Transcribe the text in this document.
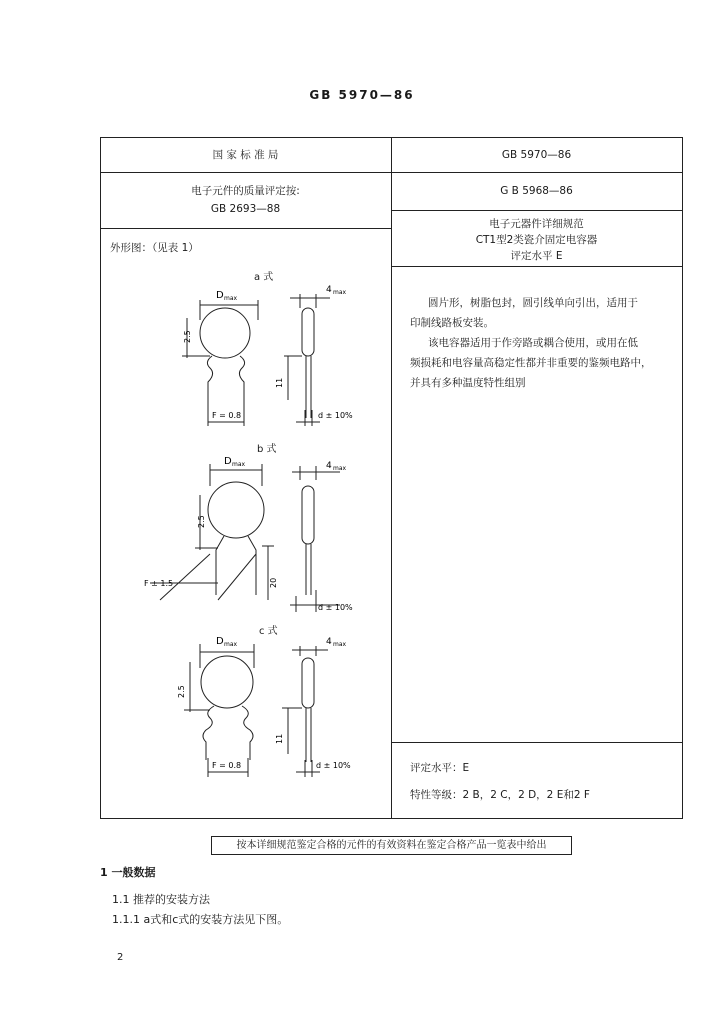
GB 5970—86
国 家 标 准 局	GB 5970—86
电子元件的质量评定按:
GB 2693—88
G B 5968—86
电子元器件详细规范
CT1型2类瓷介固定电容器
评定水平 E
外形图：（见表 1）
圆片形，树脂包封，圆引线单向引出，适用于
印制线路板安装。
该电容器适用于作旁路或耦合使用，或用在低
频损耗和电容量高稳定性都并非重要的鉴频电路中，
并具有多种温度特性组别
评定水平：E
特性等级：2 B，2 C，2 D，2 E和2 F
a 式
D max
4 max
2.5
11
F = 0.8	d ± 10%
b 式
D max	4 max
2.5
20
F ± 1.5
d ± 10%
c 式
D max	4 max
2.5
11
F = 0.8	d ± 10%
按本详细规范鉴定合格的元件的有效资料在鉴定合格产品一览表中给出
1 一般数据
1.1 推荐的安装方法
1.1.1 a式和c式的安装方法见下图。
2
